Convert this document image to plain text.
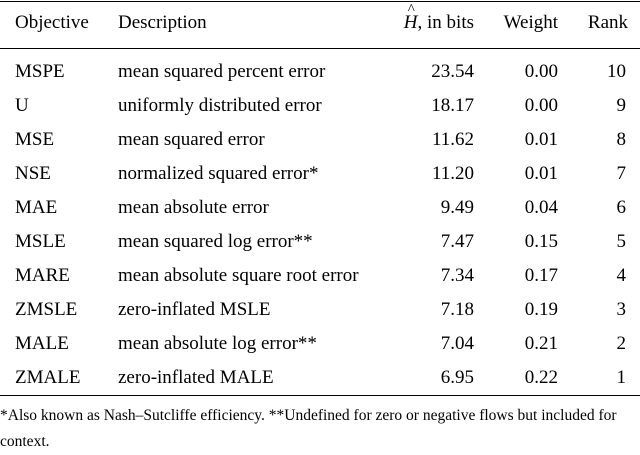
Objective Description
^	H, in bits Weight Rank
MSPE	mean squared percent error	23.54	0.00	10
U	uniformly distributed error	18.17	0.00	9
MSE	mean squared error	11.62	0.01	8
NSE	normalized squared error*	11.20	0.01	7
MAE	mean absolute error	9.49	0.04	6
MSLE	mean squared log error**	7.47	0.15	5
MARE	mean absolute square root error	7.34	0.17	4
ZMSLE zero-inflated MSLE	7.18	0.19	3
MALE	mean absolute log error**	7.04	0.21	2
ZMALE zero-inflated MALE	6.95	0.22	1
*Also known as Nash–Sutcliffe efficiency. **Undefined for zero or negative flows but included for context.
